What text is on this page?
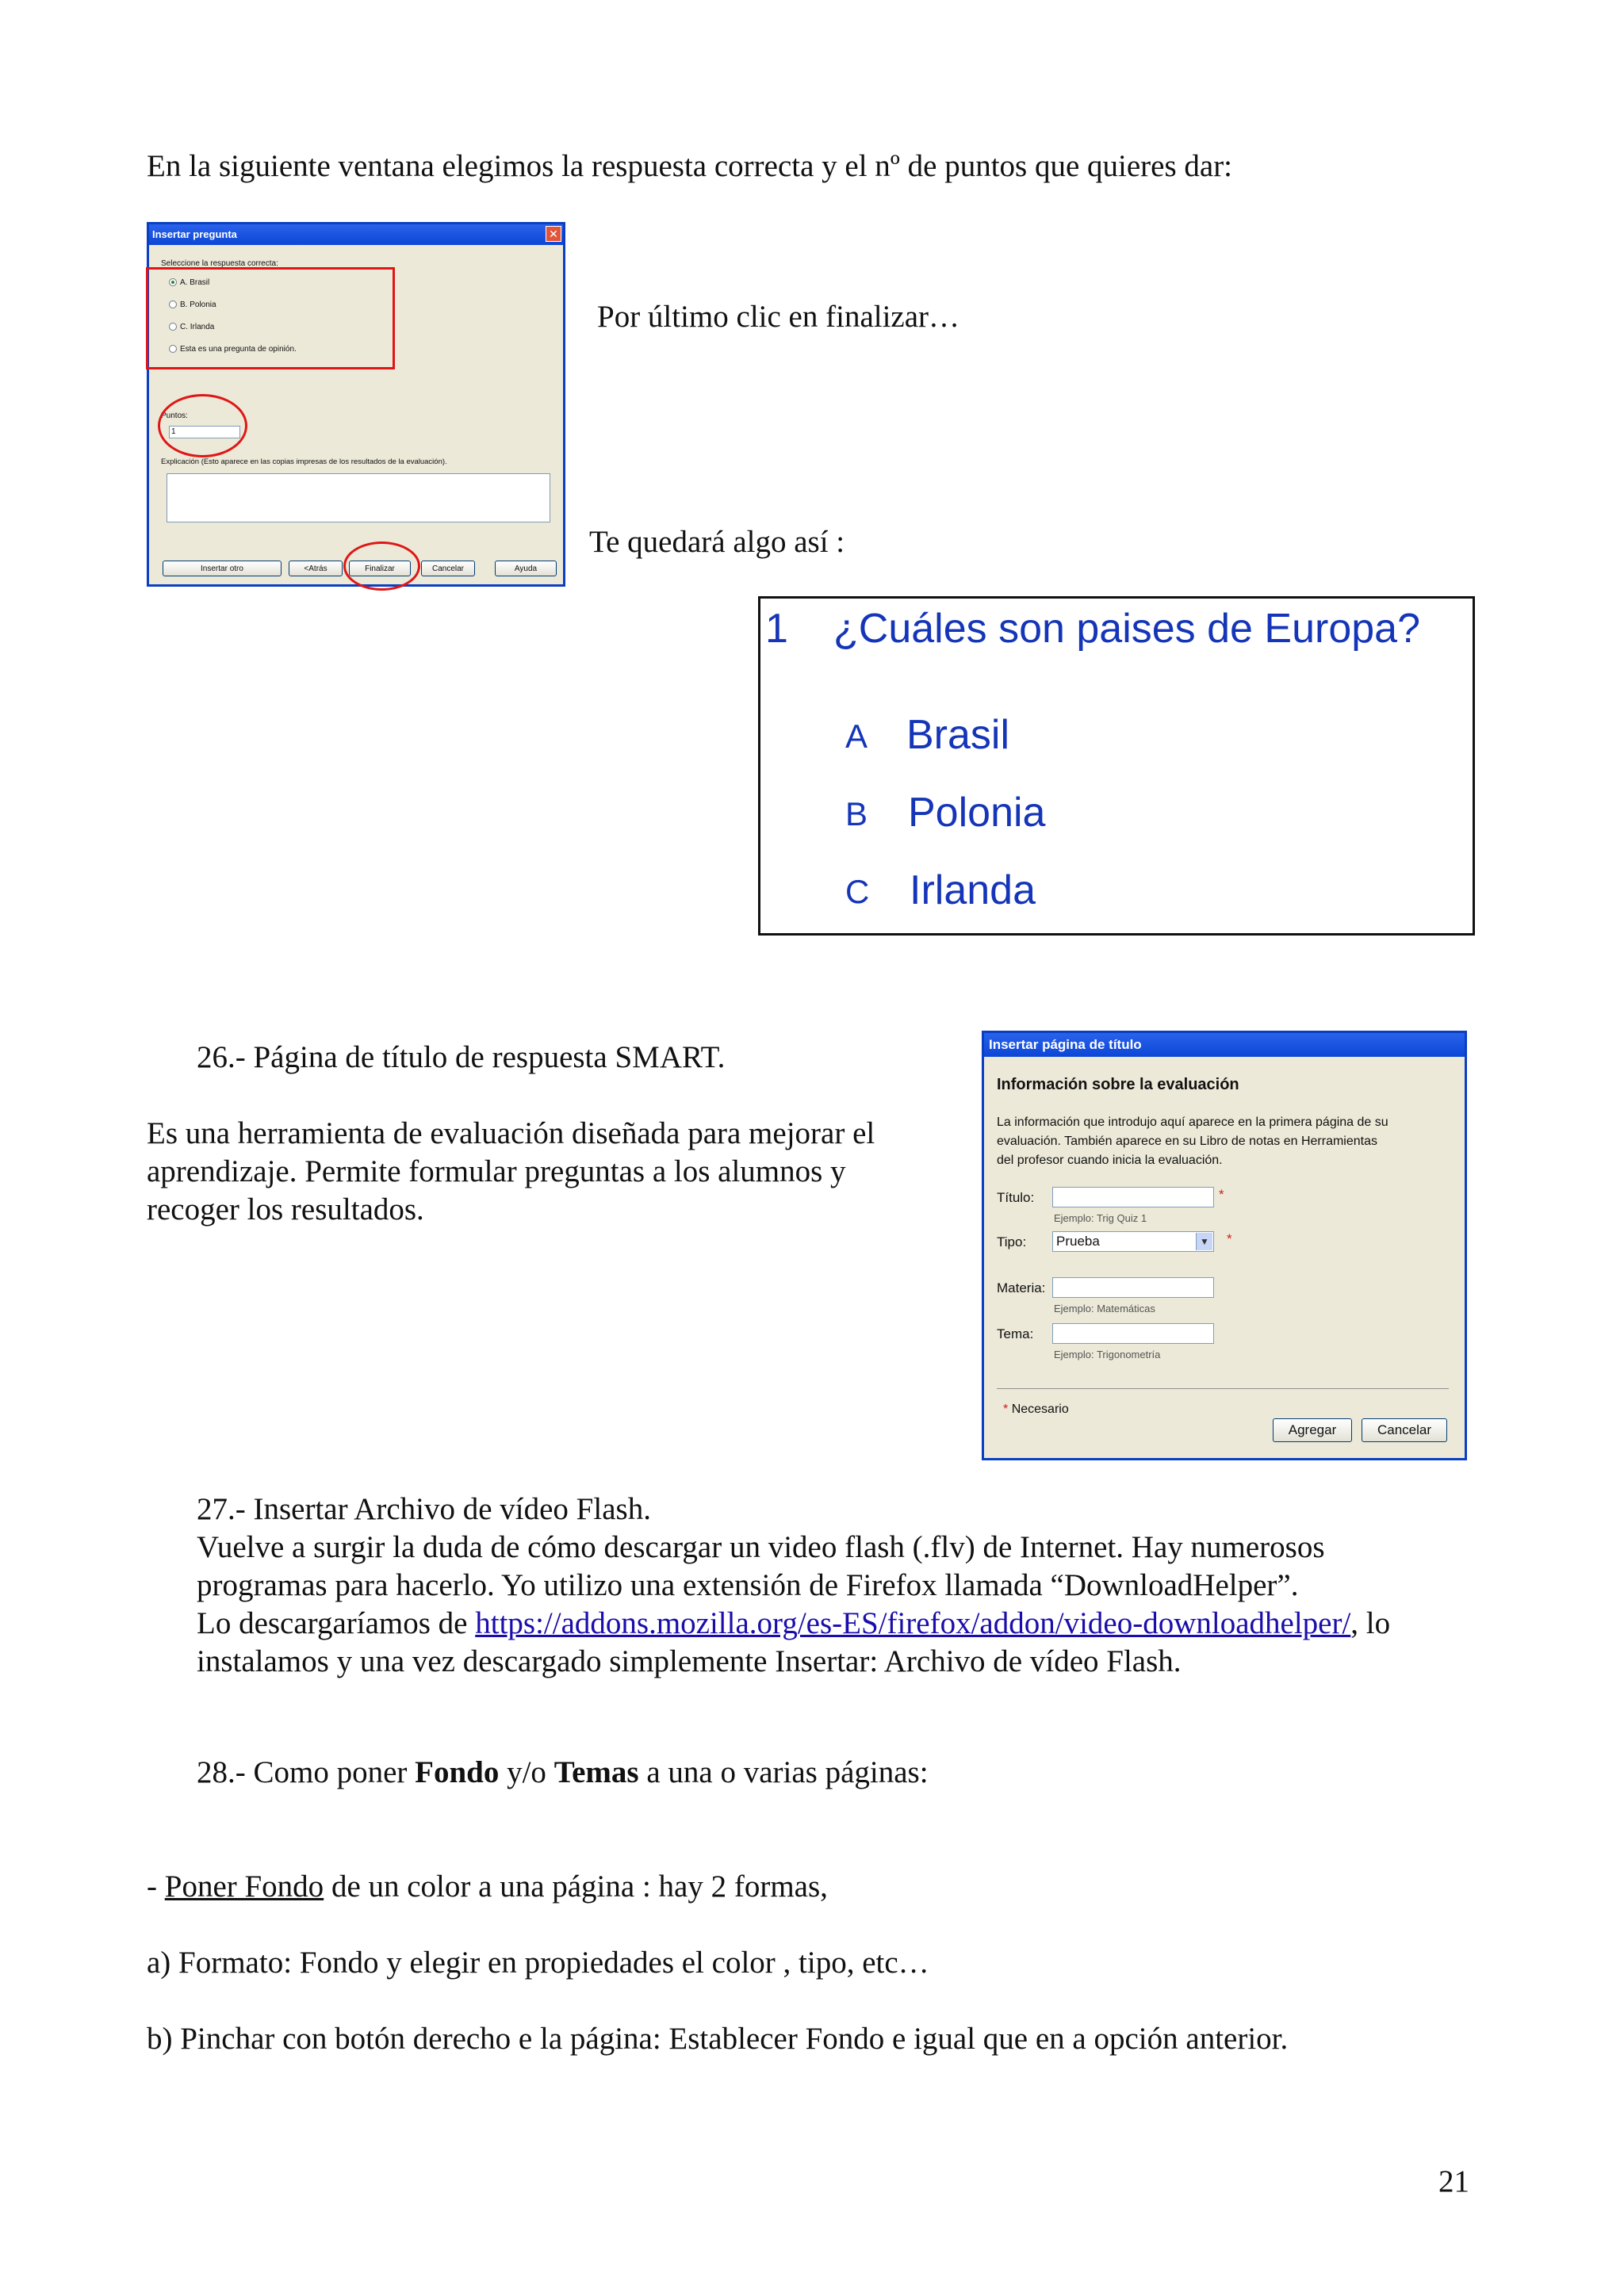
En la siguiente ventana elegimos la respuesta correcta y el nº de puntos que quieres dar:
Insertar pregunta	✕
Seleccione la respuesta correcta:
A. Brasil
B. Polonia
C. Irlanda
Esta es una pregunta de opinión.
Puntos:
1
Explicación (Esto aparece en las copias impresas de los resultados de la evaluación).
Insertar otro	<Atrás	Finalizar	Cancelar	Ayuda
Por último clic en finalizar…
Te quedará algo así :
1 ¿Cuáles son paises de Europa?
A Brasil
B Polonia
C Irlanda
26.- Página de título de respuesta SMART.
Es una herramienta de evaluación diseñada para mejorar el
aprendizaje. Permite formular preguntas a los alumnos y
recoger los resultados.
Insertar página de título
Información sobre la evaluación
La información que introdujo aquí aparece en la primera página de su
evaluación. También aparece en su Libro de notas en Herramientas
del profesor cuando inicia la evaluación.
Título:	*
Ejemplo: Trig Quiz 1
Tipo: Prueba	▼ *
Materia:
Ejemplo: Matemáticas
Tema:
Ejemplo: Trigonometría
* Necesario
Agregar	Cancelar
27.- Insertar Archivo de vídeo Flash.
Vuelve a surgir la duda de cómo descargar un video flash (.flv) de Internet. Hay numerosos
programas para hacerlo. Yo utilizo una extensión de Firefox llamada “DownloadHelper”.
Lo descargaríamos de https://addons.mozilla.org/es-ES/firefox/addon/video-downloadhelper/, lo
instalamos y una vez descargado simplemente Insertar: Archivo de vídeo Flash.
28.- Como poner Fondo y/o Temas a una o varias páginas:
- Poner Fondo de un color a una página : hay 2 formas,
a) Formato: Fondo y elegir en propiedades el color , tipo, etc…
b) Pinchar con botón derecho e la página: Establecer Fondo e igual que en a opción anterior.
21
